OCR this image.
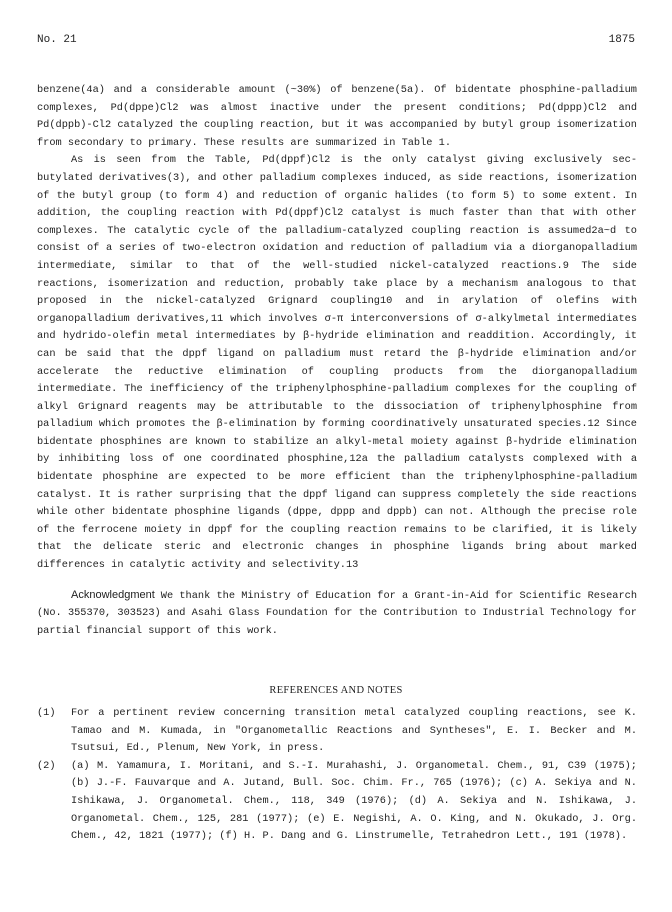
No. 21	1875

benzene(4a) and a considerable amount (~30%) of benzene(5a). Of bidentate phosphine-palladium complexes, Pd(dppe)Cl2 was almost inactive under the present conditions; Pd(dppp)Cl2 and Pd(dppb)-Cl2 catalyzed the coupling reaction, but it was accompanied by butyl group isomerization from secondary to primary. These results are summarized in Table 1.

As is seen from the Table, Pd(dppf)Cl2 is the only catalyst giving exclusively sec-butylated derivatives(3), and other palladium complexes induced, as side reactions, isomerization of the butyl group (to form 4) and reduction of organic halides (to form 5) to some extent. In addition, the coupling reaction with Pd(dppf)Cl2 catalyst is much faster than that with other complexes. The catalytic cycle of the palladium-catalyzed coupling reaction is assumed2a~d to consist of a series of two-electron oxidation and reduction of palladium via a diorganopalladium intermediate, similar to that of the well-studied nickel-catalyzed reactions.9 The side reactions, isomerization and reduction, probably take place by a mechanism analogous to that proposed in the nickel-catalyzed Grignard coupling10 and in arylation of olefins with organopalladium derivatives,11 which involves σ-π interconversions of σ-alkylmetal intermediates and hydrido-olefin metal intermediates by β-hydride elimination and readdition. Accordingly, it can be said that the dppf ligand on palladium must retard the β-hydride elimination and/or accelerate the reductive elimination of coupling products from the diorganopalladium intermediate. The inefficiency of the triphenylphosphine-palladium complexes for the coupling of alkyl Grignard reagents may be attributable to the dissociation of triphenylphosphine from palladium which promotes the β-elimination by forming coordinatively unsaturated species.12 Since bidentate phosphines are known to stabilize an alkyl-metal moiety against β-hydride elimination by inhibiting loss of one coordinated phosphine,12a the palladium catalysts complexed with a bidentate phosphine are expected to be more efficient than the triphenylphosphine-palladium catalyst. It is rather surprising that the dppf ligand can suppress completely the side reactions while other bidentate phosphine ligands (dppe, dppp and dppb) can not. Although the precise role of the ferrocene moiety in dppf for the coupling reaction remains to be clarified, it is likely that the delicate steric and electronic changes in phosphine ligands bring about marked differences in catalytic activity and selectivity.13

Acknowledgment We thank the Ministry of Education for a Grant-in-Aid for Scientific Research (No. 355370, 303523) and Asahi Glass Foundation for the Contribution to Industrial Technology for partial financial support of this work.

REFERENCES AND NOTES

(1) For a pertinent review concerning transition metal catalyzed coupling reactions, see K. Tamao and M. Kumada, in "Organometallic Reactions and Syntheses", E. I. Becker and M. Tsutsui, Ed., Plenum, New York, in press.

(2) (a) M. Yamamura, I. Moritani, and S.-I. Murahashi, J. Organometal. Chem., 91, C39 (1975); (b) J.-F. Fauvarque and A. Jutand, Bull. Soc. Chim. Fr., 765 (1976); (c) A. Sekiya and N. Ishikawa, J. Organometal. Chem., 118, 349 (1976); (d) A. Sekiya and N. Ishikawa, J. Organometal. Chem., 125, 281 (1977); (e) E. Negishi, A. O. King, and N. Okukado, J. Org. Chem., 42, 1821 (1977); (f) H. P. Dang and G. Linstrumelle, Tetrahedron Lett., 191 (1978).
